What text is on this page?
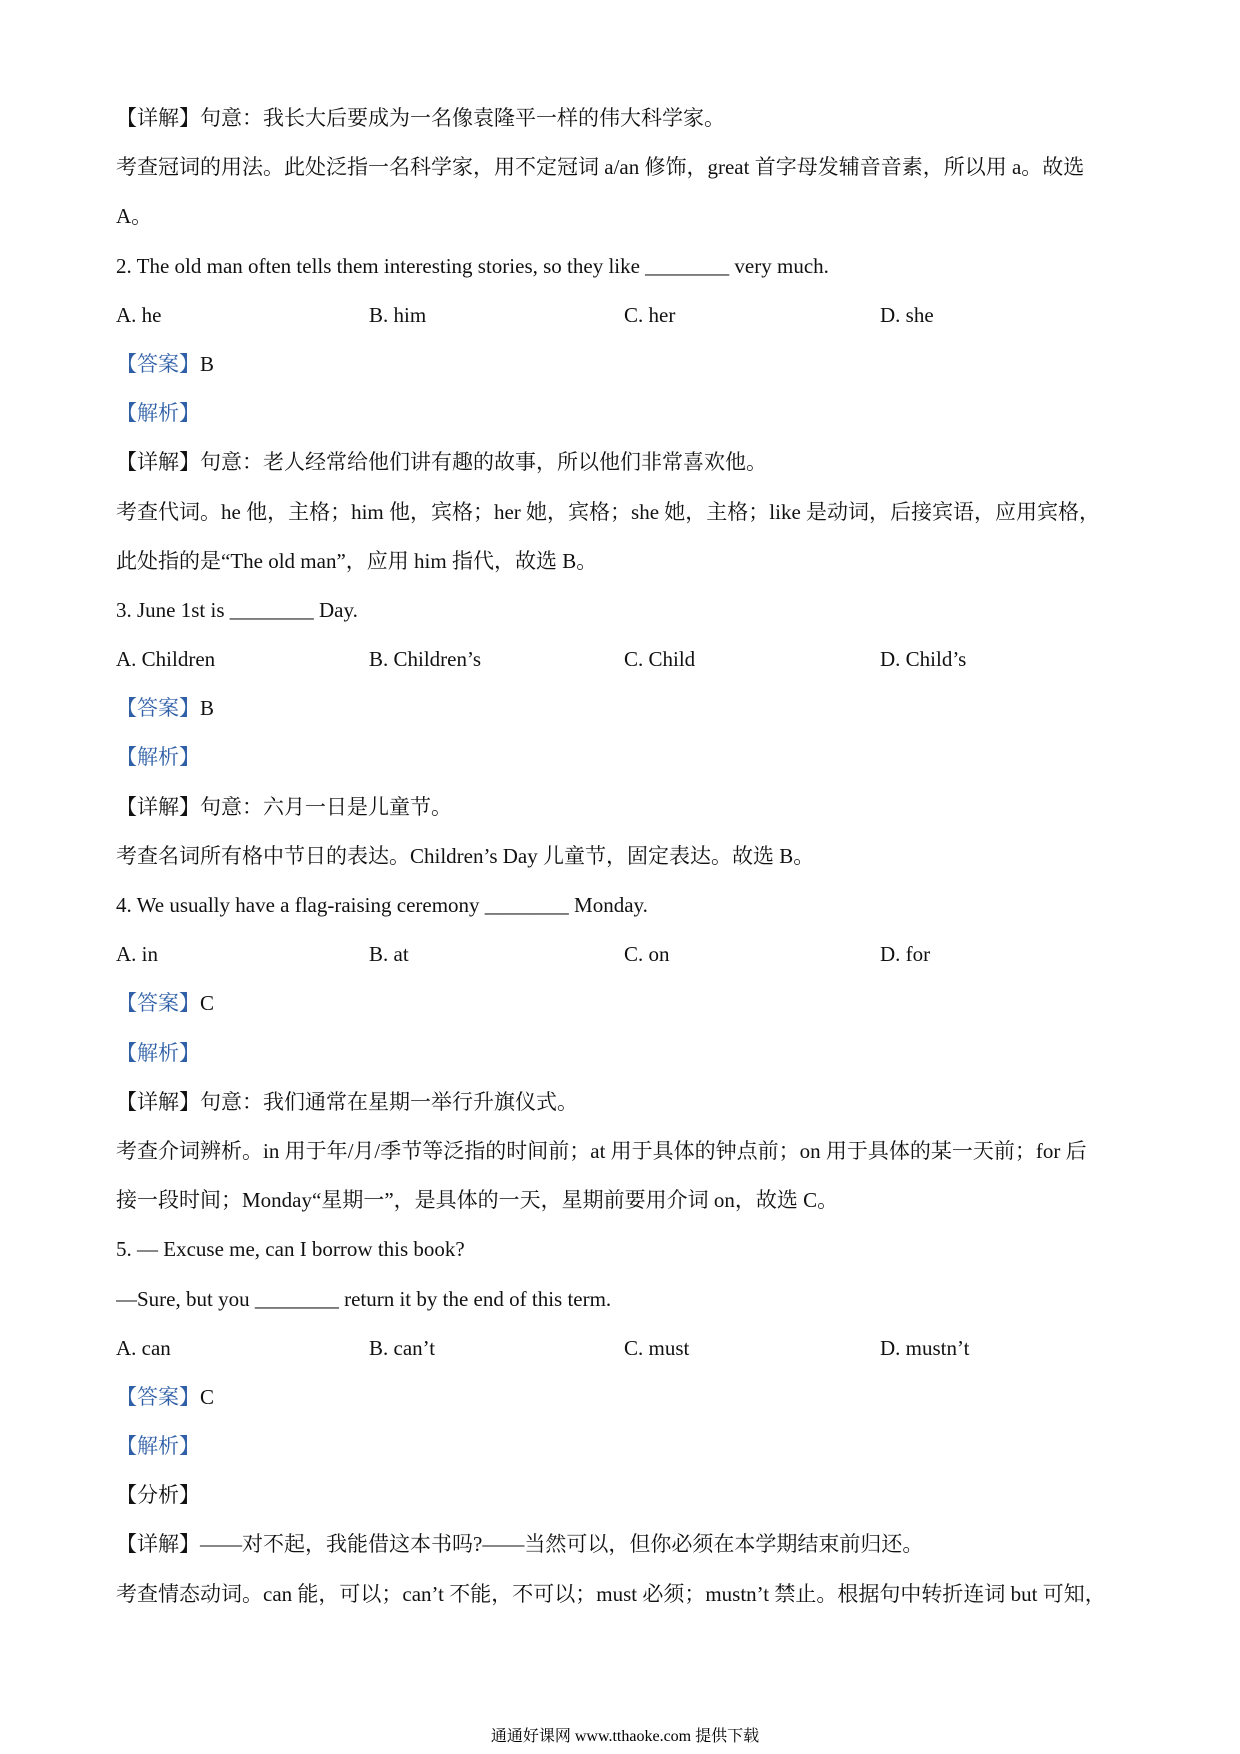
【详解】句意：我长大后要成为一名像袁隆平一样的伟大科学家。
考查冠词的用法。此处泛指一名科学家，用不定冠词 a/an 修饰，great 首字母发辅音音素，所以用 a。故选
A。
2. The old man often tells them interesting stories, so they like ________ very much.
A. he	B. him	C. her	D. she
【答案】B
【解析】
【详解】句意：老人经常给他们讲有趣的故事，所以他们非常喜欢他。
考查代词。he 他，主格；him 他，宾格；her 她，宾格；she 她，主格；like 是动词，后接宾语，应用宾格，
此处指的是“The old man”，应用 him 指代，故选 B。
3. June 1st is ________ Day.
A. Children	B. Children’s	C. Child	D. Child’s
【答案】B
【解析】
【详解】句意：六月一日是儿童节。
考查名词所有格中节日的表达。Children’s Day 儿童节，固定表达。故选 B。
4. We usually have a flag-raising ceremony ________ Monday.
A. in	B. at	C. on	D. for
【答案】C
【解析】
【详解】句意：我们通常在星期一举行升旗仪式。
考查介词辨析。in 用于年/月/季节等泛指的时间前；at 用于具体的钟点前；on 用于具体的某一天前；for 后
接一段时间；Monday“星期一”，是具体的一天，星期前要用介词 on，故选 C。
5. — Excuse me, can I borrow this book?
—Sure, but you ________ return it by the end of this term.
A. can	B. can’t	C. must	D. mustn’t
【答案】C
【解析】
【分析】
【详解】——对不起，我能借这本书吗?——当然可以，但你必须在本学期结束前归还。
考查情态动词。can 能，可以；can’t 不能，不可以；must 必须；mustn’t 禁止。根据句中转折连词 but 可知，
通通好课网 www.tthaoke.com 提供下载
